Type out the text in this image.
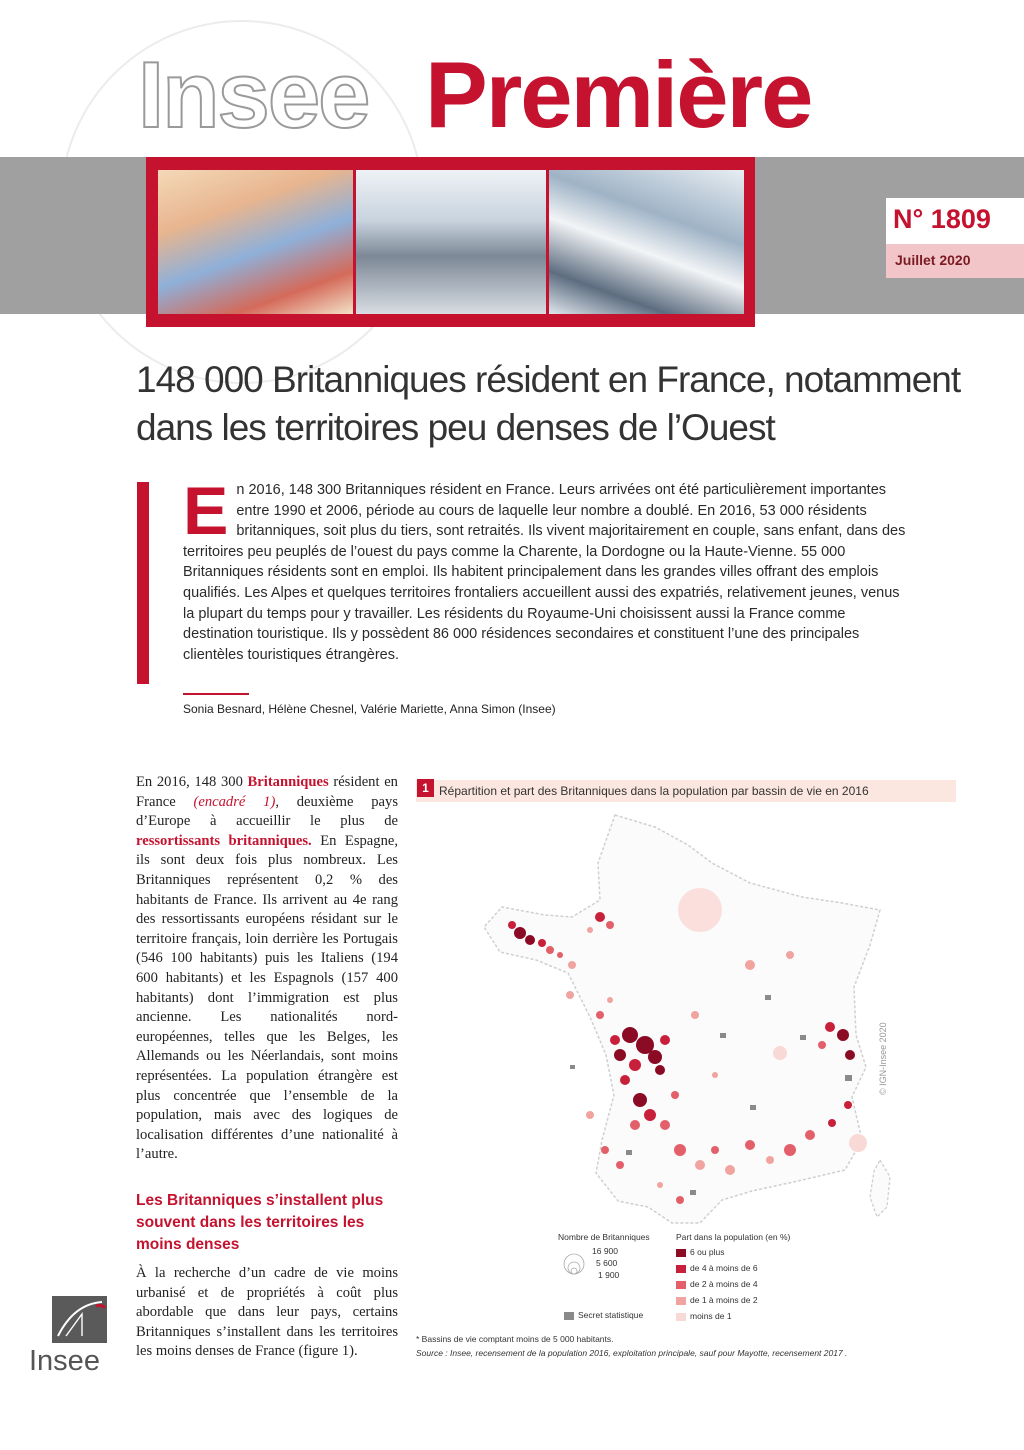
Insee Première
N° 1809
Juillet 2020
148 000 Britanniques résident en France, notamment dans les territoires peu denses de l’Ouest
En 2016, 148 300 Britanniques résident en France. Leurs arrivées ont été particulièrement importantes entre 1990 et 2006, période au cours de laquelle leur nombre a doublé. En 2016, 53 000 résidents britanniques, soit plus du tiers, sont retraités. Ils vivent majoritairement en couple, sans enfant, dans des territoires peu peuplés de l’ouest du pays comme la Charente, la Dordogne ou la Haute-Vienne. 55 000 Britanniques résidents sont en emploi. Ils habitent principalement dans les grandes villes offrant des emplois qualifiés. Les Alpes et quelques territoires frontaliers accueillent aussi des expatriés, relativement jeunes, venus la plupart du temps pour y travailler. Les résidents du Royaume-Uni choisissent aussi la France comme destination touristique. Ils y possèdent 86 000 résidences secondaires et constituent l’une des principales clientèles touristiques étrangères.
Sonia Besnard, Hélène Chesnel, Valérie Mariette, Anna Simon (Insee)
En 2016, 148 300 Britanniques résident en France (encadré 1), deuxième pays d’Europe à accueillir le plus de ressortissants britanniques. En Espagne, ils sont deux fois plus nombreux. Les Britanniques représentent 0,2 % des habitants de France. Ils arrivent au 4e rang des ressortissants européens résidant sur le territoire français, loin derrière les Portugais (546 100 habitants) puis les Italiens (194 600 habitants) et les Espagnols (157 400 habitants) dont l’immigration est plus ancienne. Les nationalités nord-européennes, telles que les Belges, les Allemands ou les Néerlandais, sont moins représentées. La population étrangère est plus concentrée que l’ensemble de la population, mais avec des logiques de localisation différentes d’une nationalité à l’autre.
Les Britanniques s’installent plus souvent dans les territoires les moins denses
À la recherche d’un cadre de vie moins urbanisé et de propriétés à coût plus abordable que dans leur pays, certains Britanniques s’installent dans les territoires les moins denses de France (figure 1).
Insee
1 Répartition et part des Britanniques dans la population par bassin de vie en 2016
© IGN-Insee 2020
Nombre de Britanniques
16 900
5 600
1 900
Secret statistique
Part dans la population (en %)
6 ou plus
de 4 à moins de 6
de 2 à moins de 4
de 1 à moins de 2
moins de 1
* Bassins de vie comptant moins de 5 000 habitants.
Source : Insee, recensement de la population 2016, exploitation principale, sauf pour Mayotte, recensement 2017 .
